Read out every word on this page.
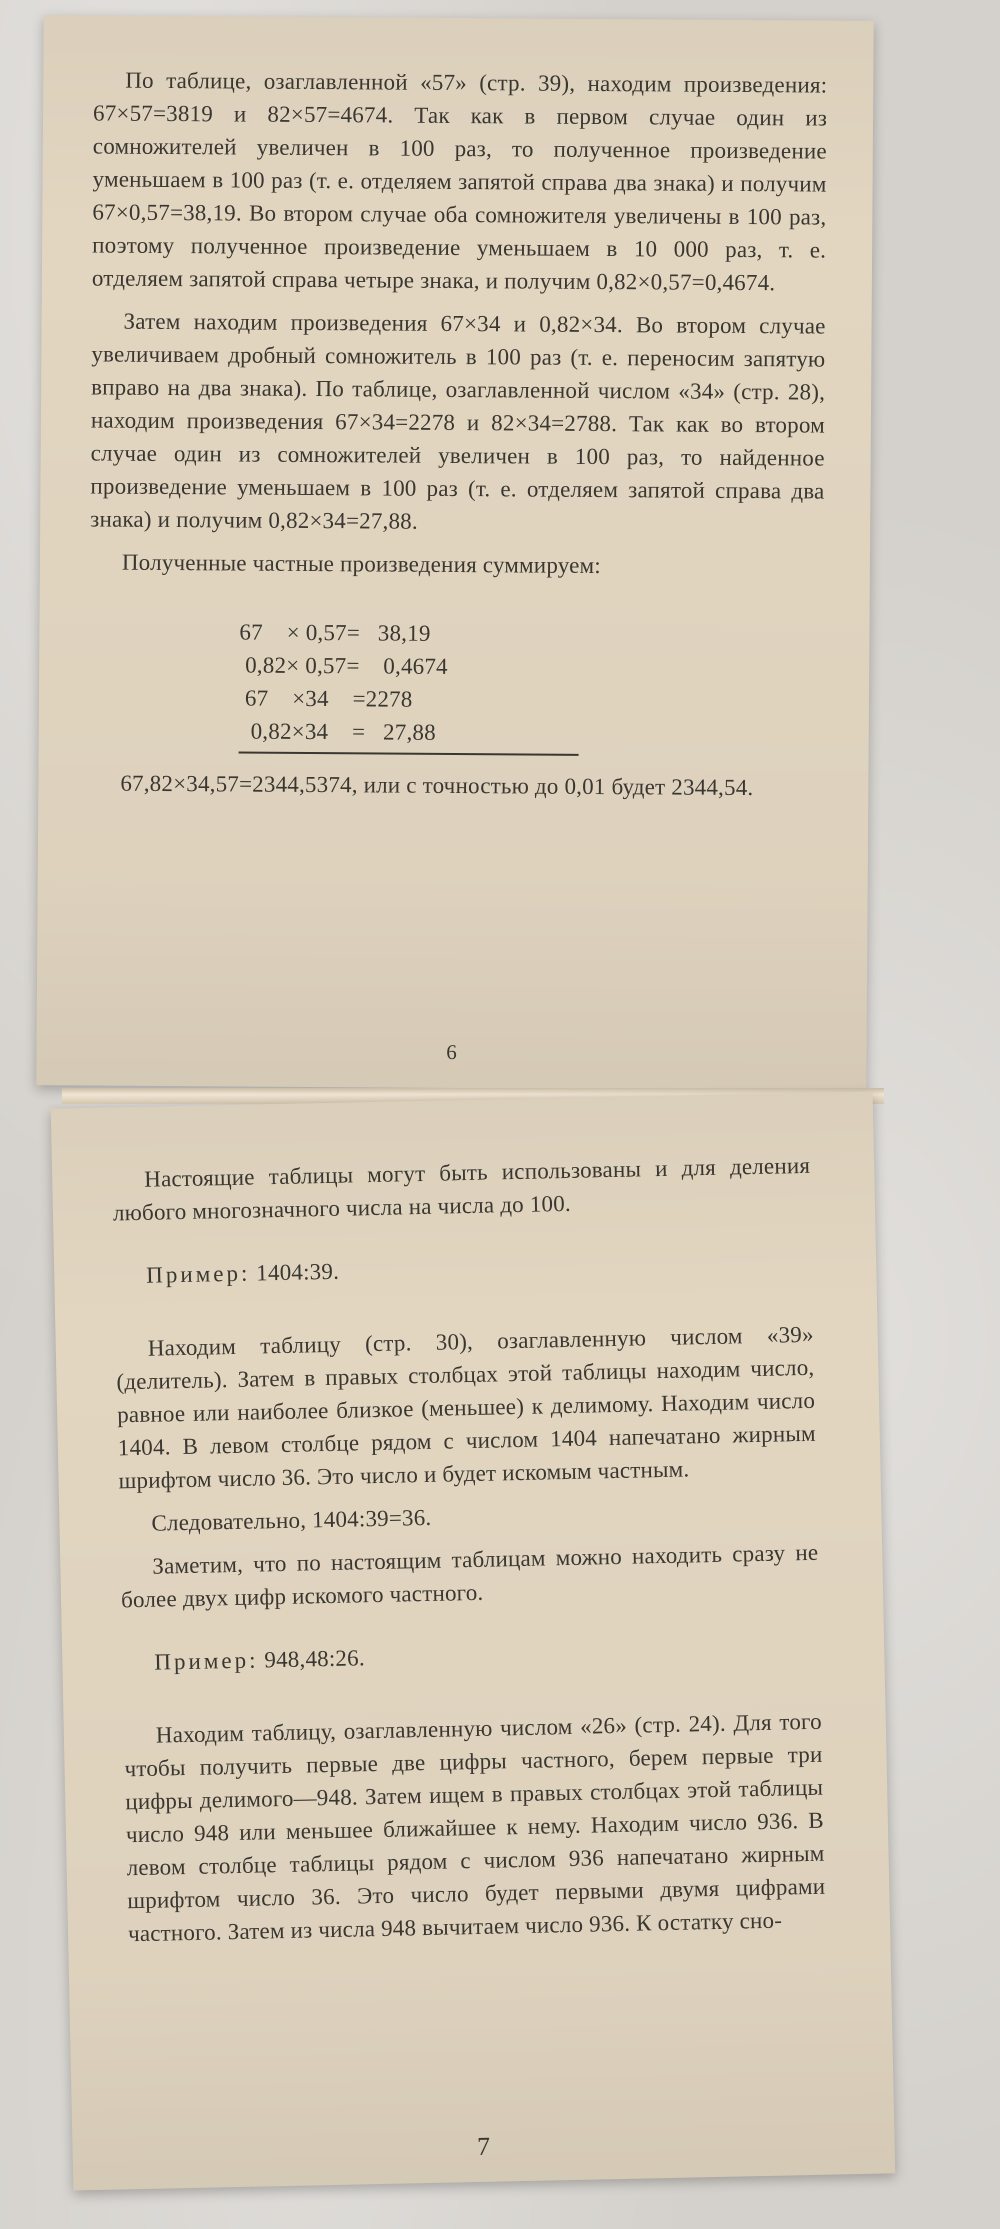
По таблице, озаглавленной «57» (стр. 39), находим произведения: 67×57=3819 и 82×57=4674. Так как в первом случае один из сомножителей увеличен в 100 раз, то полученное произведение уменьшаем в 100 раз (т. е. отделяем запятой справа два знака) и получим 67×0,57=38,19. Во втором случае оба сомножителя увеличены в 100 раз, поэтому полученное произведение уменьшаем в 10 000 раз, т. е. отделяем запятой справа четыре знака, и получим 0,82×0,57=0,4674.

Затем находим произведения 67×34 и 0,82×34. Во втором случае увеличиваем дробный сомножитель в 100 раз (т. е. переносим запятую вправо на два знака). По таблице, озаглавленной числом «34» (стр. 28), находим произведения 67×34=2278 и 82×34=2788. Так как во втором случае один из сомножителей увеличен в 100 раз, то найденное произведение уменьшаем в 100 раз (т. е. отделяем запятой справа два знака) и получим 0,82×34=27,88.

Полученные частные произведения суммируем:

67    × 0,57=   38,19
0,82× 0,57=    0,4674
67    ×34    =2278
0,82×34    =   27,88

67,82×34,57=2344,5374, или с точностью до 0,01 будет 2344,54.

6

Настоящие таблицы могут быть использованы и для деления любого многозначного числа на числа до 100.

Пример: 1404:39.

Находим таблицу (стр. 30), озаглавленную числом «39» (делитель). Затем в правых столбцах этой таблицы находим число, равное или наиболее близкое (меньшее) к делимому. Находим число 1404. В левом столбце рядом с числом 1404 напечатано жирным шрифтом число 36. Это число и будет искомым частным.

Следовательно, 1404:39=36.

Заметим, что по настоящим таблицам можно находить сразу не более двух цифр искомого частного.

Пример: 948,48:26.

Находим таблицу, озаглавленную числом «26» (стр. 24). Для того чтобы получить первые две цифры частного, берем первые три цифры делимого—948. Затем ищем в правых столбцах этой таблицы число 948 или меньшее ближайшее к нему. Находим число 936. В левом столбце таблицы рядом с числом 936 напечатано жирным шрифтом число 36. Это число будет первыми двумя цифрами частного. Затем из числа 948 вычитаем число 936. К остатку сно-

7
